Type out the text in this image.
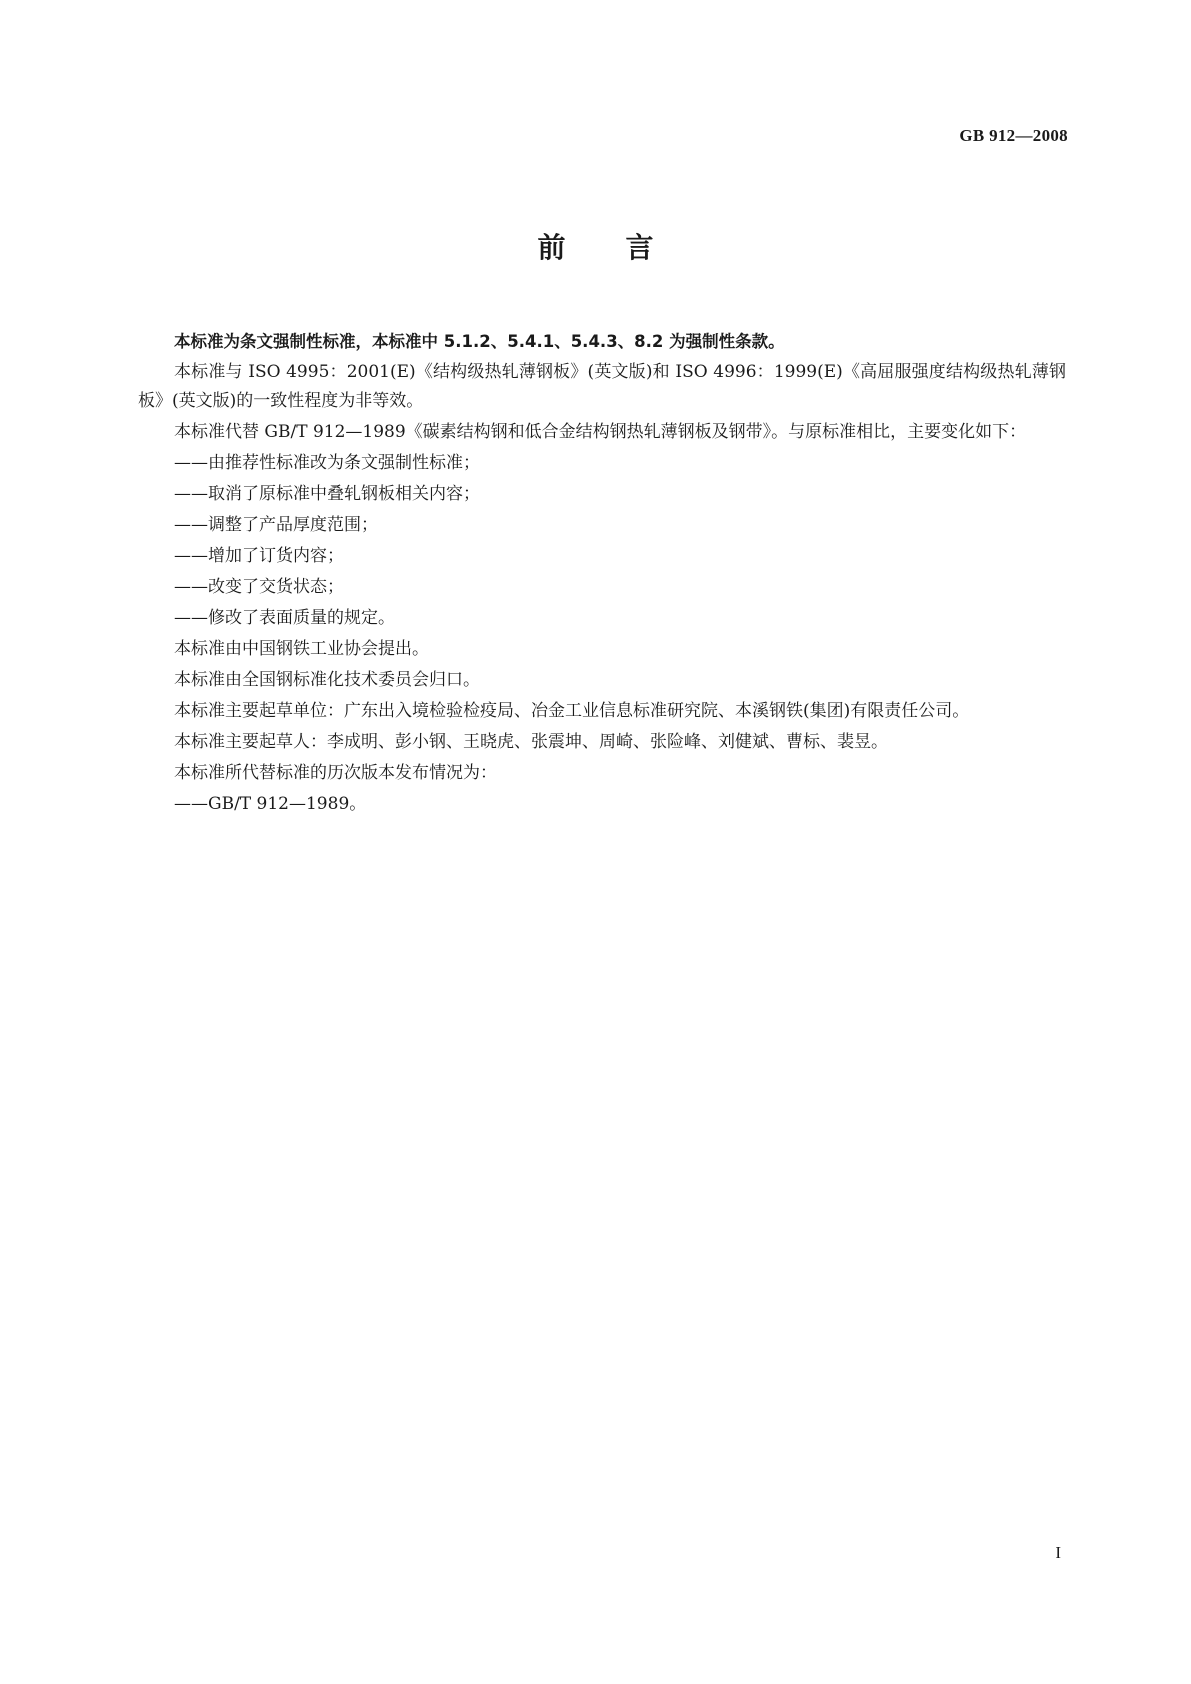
GB 912—2008
前言

本标准为条文强制性标准，本标准中 5.1.2、5.4.1、5.4.3、8.2 为强制性条款。

本标准与 ISO 4995：2001(E)《结构级热轧薄钢板》(英文版)和 ISO 4996：1999(E)《高屈服强度结构级热轧薄钢板》(英文版)的一致性程度为非等效。

本标准代替 GB/T 912—1989《碳素结构钢和低合金结构钢热轧薄钢板及钢带》。与原标准相比，主要变化如下：

——由推荐性标准改为条文强制性标准；

——取消了原标准中叠轧钢板相关内容；

——调整了产品厚度范围；

——增加了订货内容；

——改变了交货状态；

——修改了表面质量的规定。

本标准由中国钢铁工业协会提出。

本标准由全国钢标准化技术委员会归口。

本标准主要起草单位：广东出入境检验检疫局、冶金工业信息标准研究院、本溪钢铁(集团)有限责任公司。

本标准主要起草人：李成明、彭小钢、王晓虎、张震坤、周崎、张险峰、刘健斌、曹标、裴昱。

本标准所代替标准的历次版本发布情况为：

——GB/T 912—1989。

I
